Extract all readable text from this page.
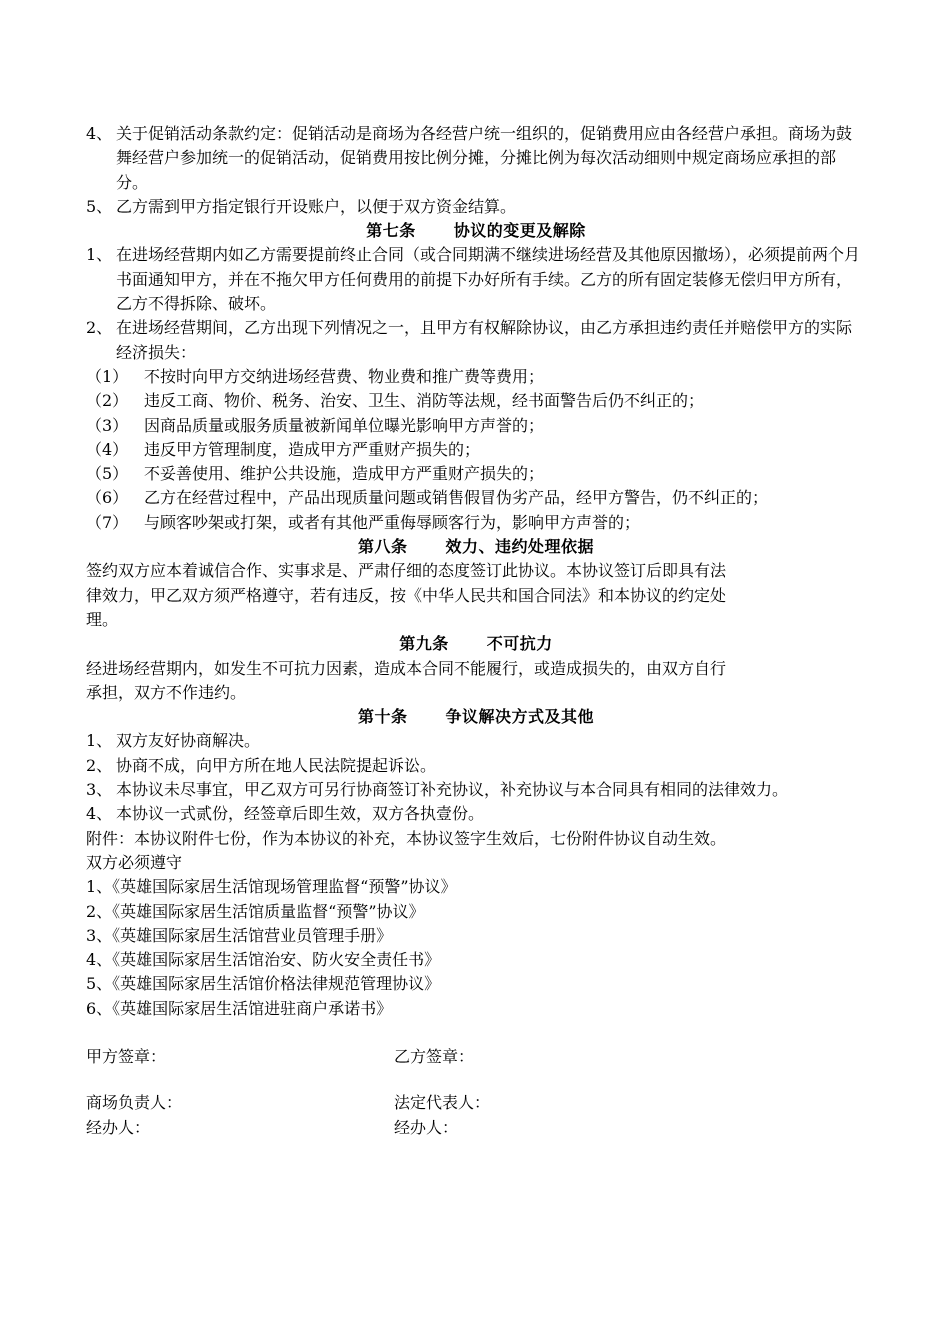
4、 关于促销活动条款约定：促销活动是商场为各经营户统一组织的，促销费用应由各经营户承担。商场为鼓舞经营户参加统一的促销活动，促销费用按比例分摊，分摊比例为每次活动细则中规定商场应承担的部分。
5、 乙方需到甲方指定银行开设账户，以便于双方资金结算。
第七条 协议的变更及解除
1、 在进场经营期内如乙方需要提前终止合同（或合同期满不继续进场经营及其他原因撤场），必须提前两个月书面通知甲方，并在不拖欠甲方任何费用的前提下办好所有手续。乙方的所有固定装修无偿归甲方所有，乙方不得拆除、破坏。
2、 在进场经营期间，乙方出现下列情况之一，且甲方有权解除协议，由乙方承担违约责任并赔偿甲方的实际经济损失：
（1） 不按时向甲方交纳进场经营费、物业费和推广费等费用；
（2） 违反工商、物价、税务、治安、卫生、消防等法规，经书面警告后仍不纠正的；
（3） 因商品质量或服务质量被新闻单位曝光影响甲方声誉的；
（4） 违反甲方管理制度，造成甲方严重财产损失的；
（5） 不妥善使用、维护公共设施，造成甲方严重财产损失的；
（6） 乙方在经营过程中，产品出现质量问题或销售假冒伪劣产品，经甲方警告，仍不纠正的；
（7） 与顾客吵架或打架，或者有其他严重侮辱顾客行为，影响甲方声誉的；
第八条 效力、违约处理依据
签约双方应本着诚信合作、实事求是、严肃仔细的态度签订此协议。本协议签订后即具有法
律效力，甲乙双方须严格遵守，若有违反，按《中华人民共和国合同法》和本协议的约定处
理。
第九条 不可抗力
经进场经营期内，如发生不可抗力因素，造成本合同不能履行，或造成损失的，由双方自行
承担，双方不作违约。
第十条 争议解决方式及其他
1、 双方友好协商解决。
2、 协商不成，向甲方所在地人民法院提起诉讼。
3、 本协议未尽事宜，甲乙双方可另行协商签订补充协议，补充协议与本合同具有相同的法律效力。
4、 本协议一式贰份，经签章后即生效，双方各执壹份。
附件：本协议附件七份，作为本协议的补充，本协议签字生效后，七份附件协议自动生效。
双方必须遵守
1、《英雄国际家居生活馆现场管理监督“预警”协议》
2、《英雄国际家居生活馆质量监督“预警”协议》
3、《英雄国际家居生活馆营业员管理手册》
4、《英雄国际家居生活馆治安、防火安全责任书》
5、《英雄国际家居生活馆价格法律规范管理协议》
6、《英雄国际家居生活馆进驻商户承诺书》
甲方签章：	乙方签章：
商场负责人：	法定代表人：
经办人：	经办人：
